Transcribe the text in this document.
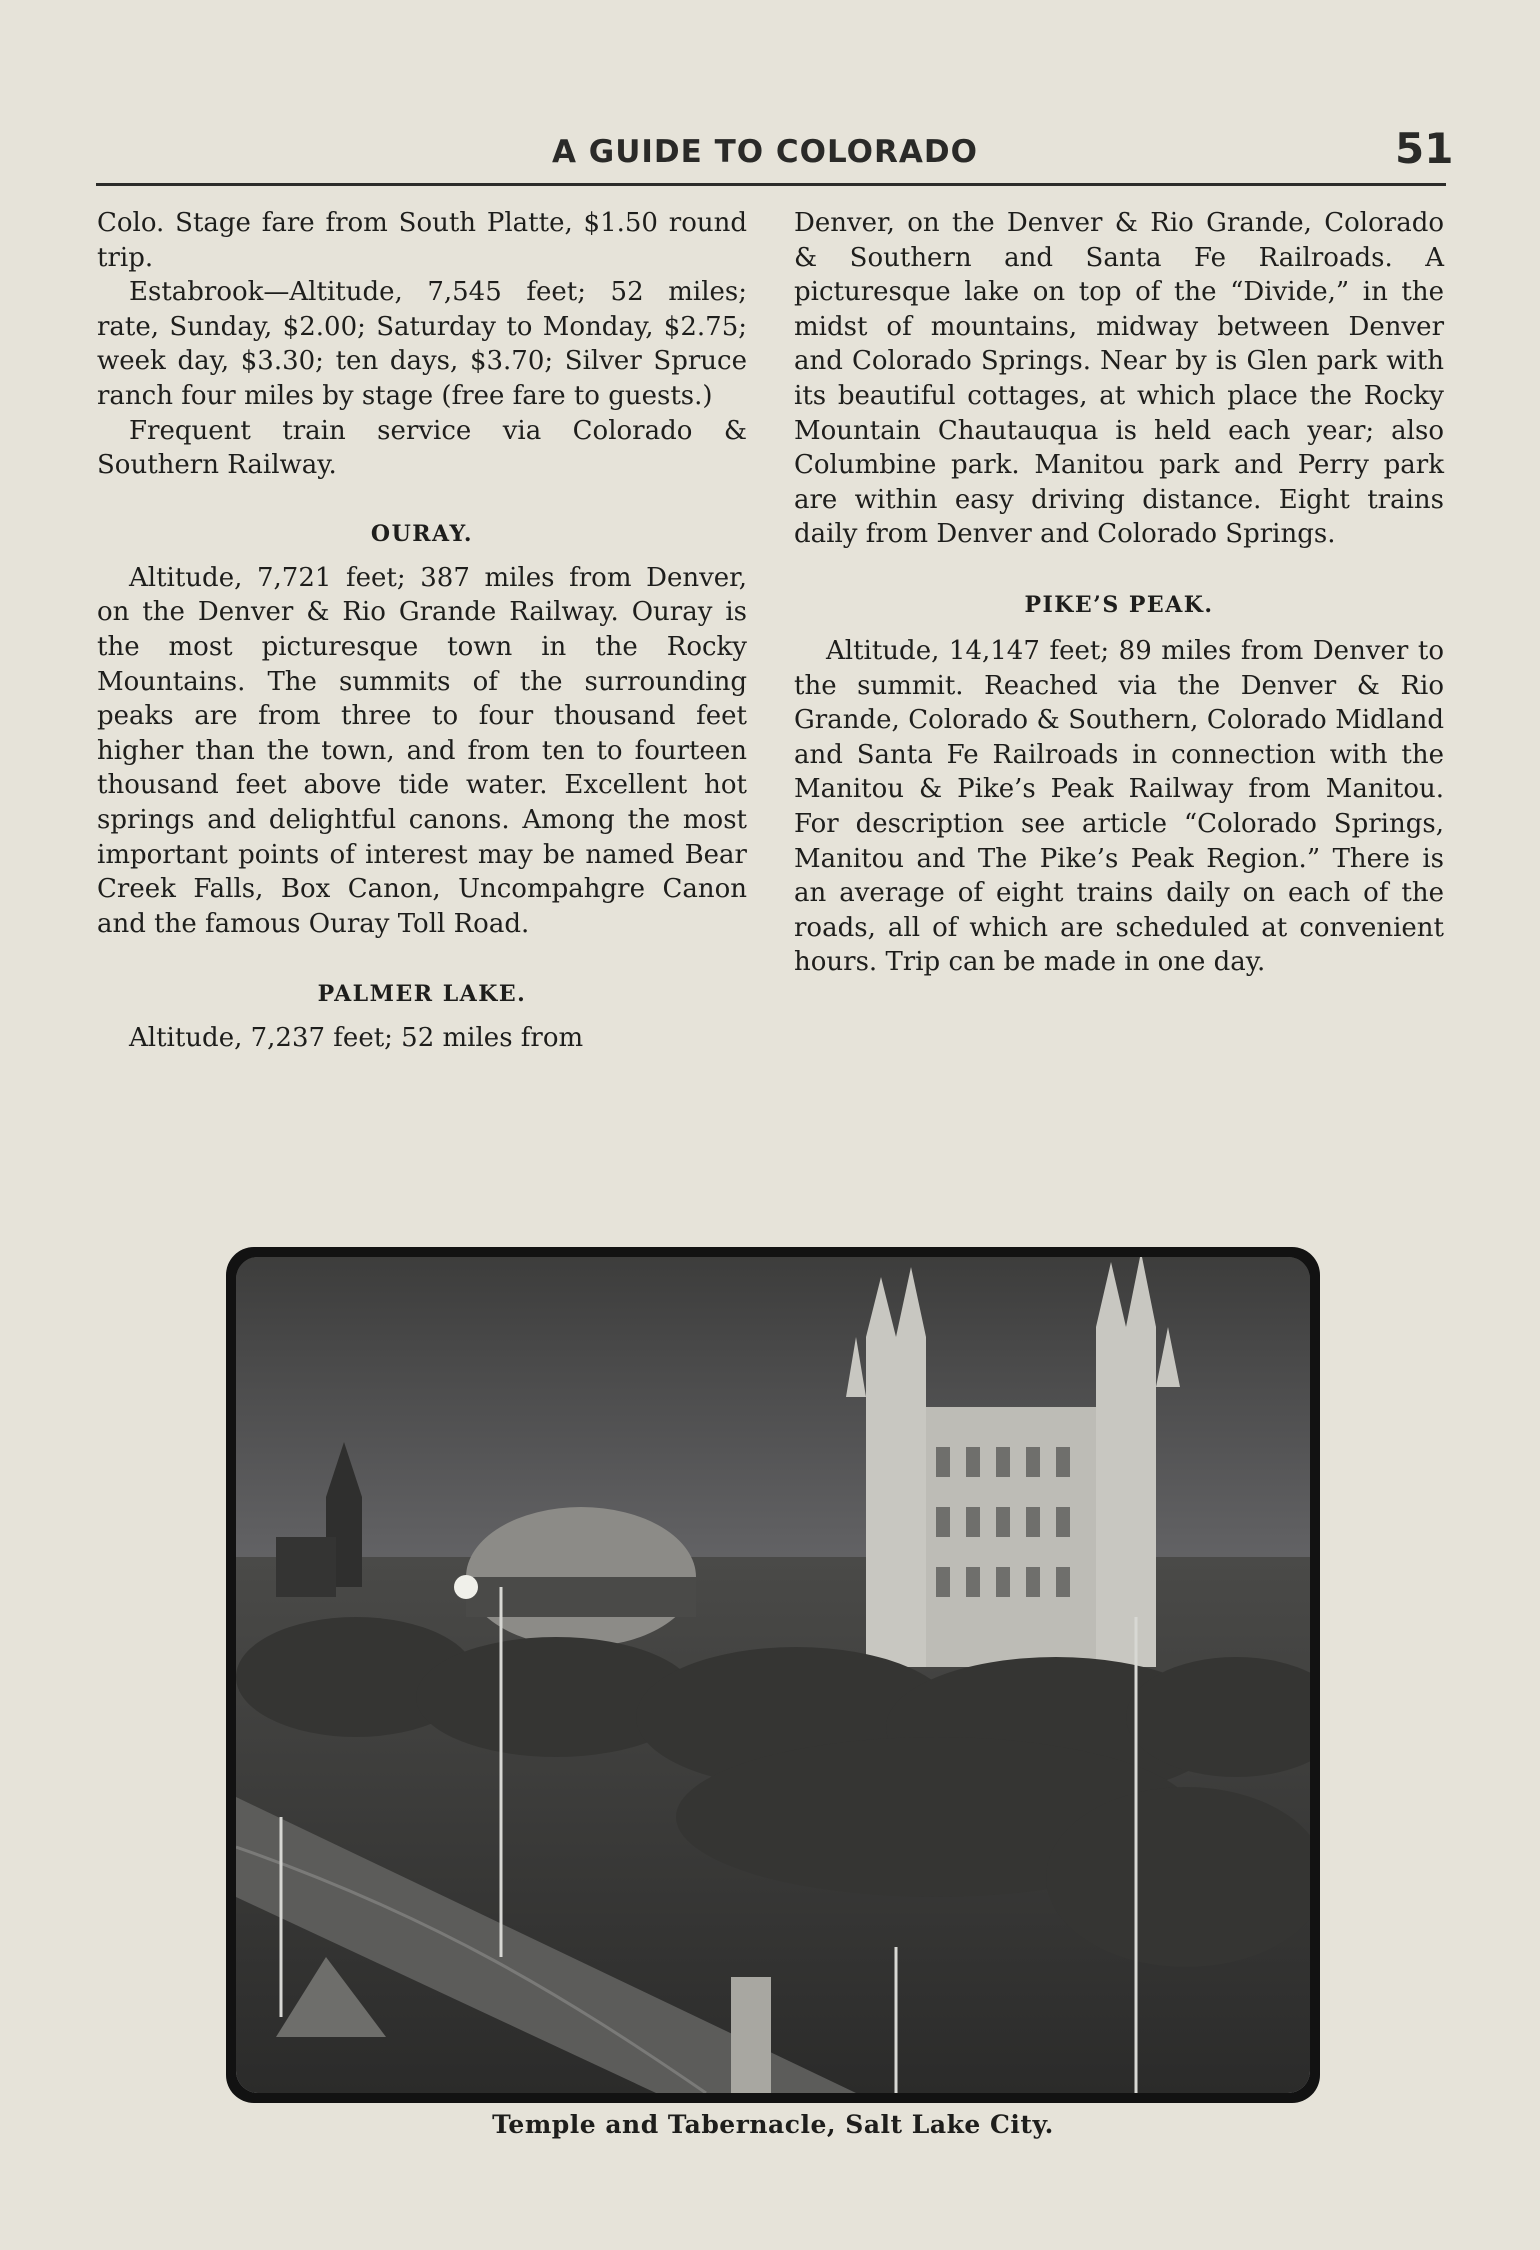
A GUIDE TO COLORADO	51

Colo. Stage fare from South Platte, $1.50 round trip.

Estabrook—Altitude, 7,545 feet; 52 miles; rate, Sunday, $2.00; Saturday to Monday, $2.75; week day, $3.30; ten days, $3.70; Silver Spruce ranch four miles by stage (free fare to guests.)

Frequent train service via Colorado & Southern Railway.

OURAY.

Altitude, 7,721 feet; 387 miles from Denver, on the Denver & Rio Grande Railway. Ouray is the most picturesque town in the Rocky Mountains. The summits of the surrounding peaks are from three to four thousand feet higher than the town, and from ten to fourteen thousand feet above tide water. Excellent hot springs and delightful canons. Among the most important points of interest may be named Bear Creek Falls, Box Canon, Uncompahgre Canon and the famous Ouray Toll Road.

PALMER LAKE.

Altitude, 7,237 feet; 52 miles from

Denver, on the Denver & Rio Grande, Colorado & Southern and Santa Fe Railroads. A picturesque lake on top of the “Divide,” in the midst of mountains, midway between Denver and Colorado Springs. Near by is Glen park with its beautiful cottages, at which place the Rocky Mountain Chautauqua is held each year; also Columbine park. Manitou park and Perry park are within easy driving distance. Eight trains daily from Denver and Colorado Springs.

PIKE’S PEAK.

Altitude, 14,147 feet; 89 miles from Denver to the summit. Reached via the Denver & Rio Grande, Colorado & Southern, Colorado Midland and Santa Fe Railroads in connection with the Manitou & Pike’s Peak Railway from Manitou. For description see article “Colorado Springs, Manitou and The Pike’s Peak Region.” There is an average of eight trains daily on each of the roads, all of which are scheduled at convenient hours. Trip can be made in one day.

Temple and Tabernacle, Salt Lake City.
